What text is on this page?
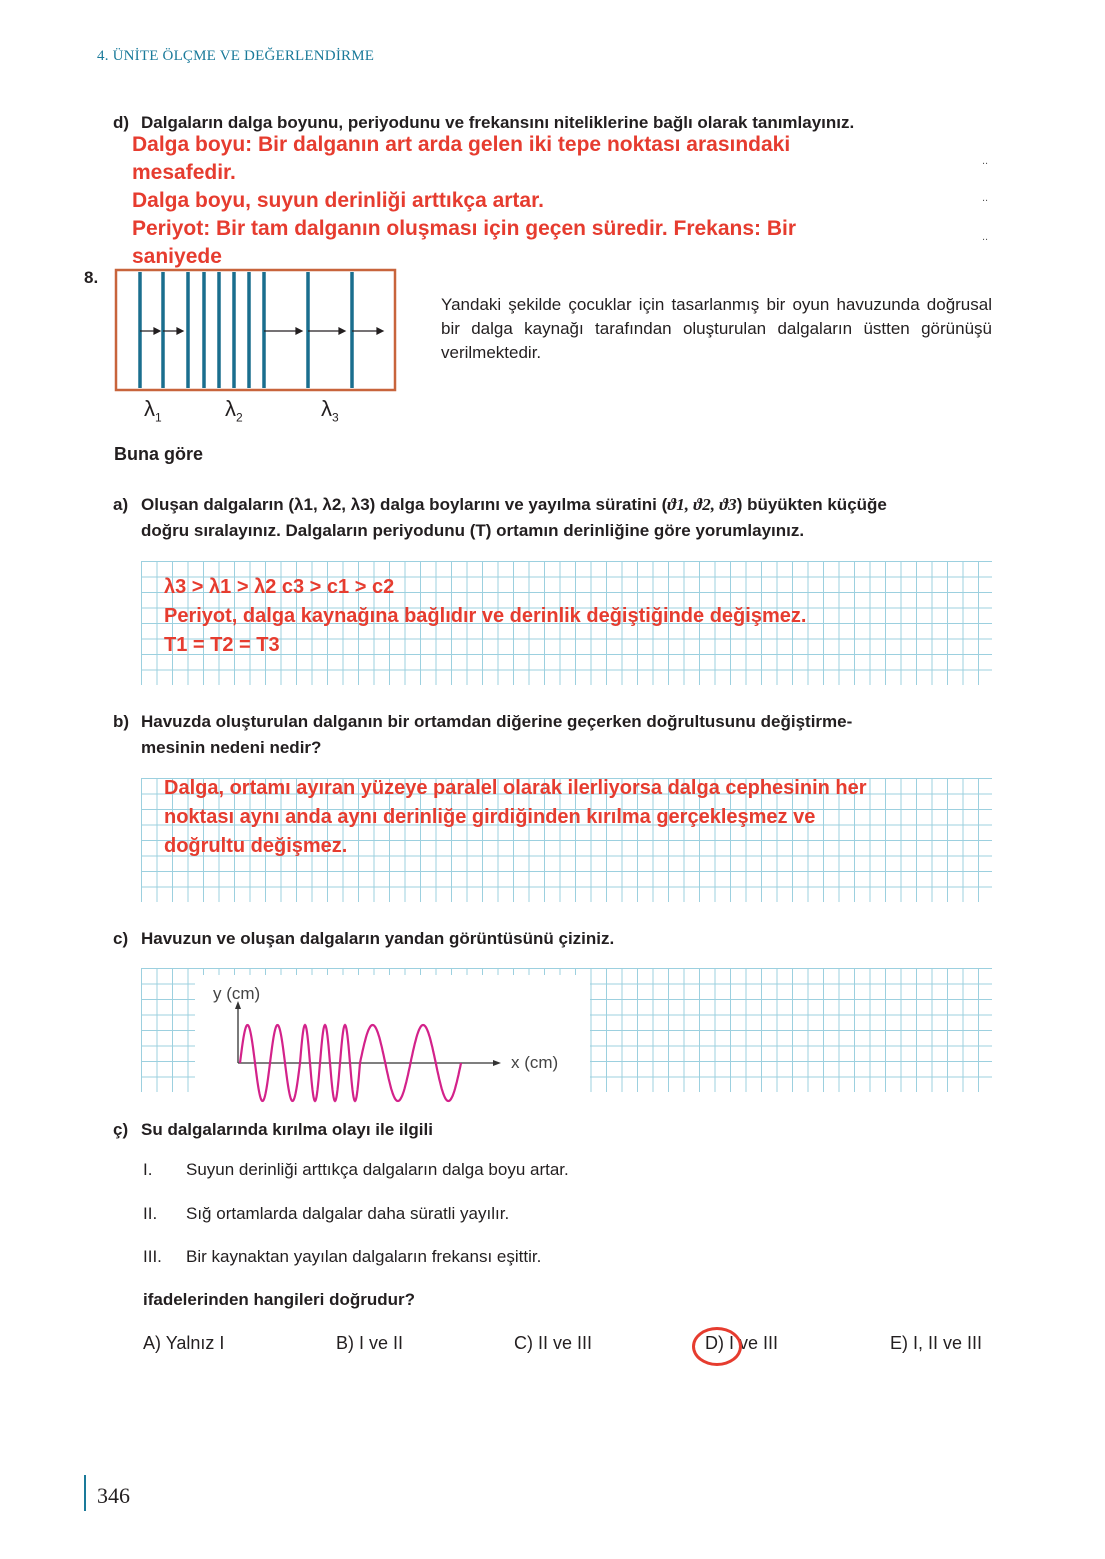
4. ÜNİTE ÖLÇME VE DEĞERLENDİRME
d) Dalgaların dalga boyunu, periyodunu ve frekansını niteliklerine bağlı olarak tanımlayınız.
Dalga boyu: Bir dalganın art arda gelen iki tepe noktası arasındaki
mesafedir.
Dalga boyu, suyun derinliği arttıkça artar.
Periyot: Bir tam dalganın oluşması için geçen süredir. Frekans: Bir
saniyede
..
..
..
8.
$\lambda_1$	$\lambda_2$	$\lambda_3$
Yandaki şekilde çocuklar için tasarlanmış bir oyun havuzunda doğrusal bir dalga kaynağı tarafından oluşturulan dalgaların üstten görünüşü verilmektedir.
Buna göre
a) Oluşan dalgaların (λ1, λ2, λ3) dalga boylarını ve yayılma süratini (ϑ1, ϑ2, ϑ3) büyükten küçüğe
doğru sıralayınız. Dalgaların periyodunu (T) ortamın derinliğine göre yorumlayınız.
λ3 > λ1 > λ2 c3 > c1 > c2
Periyot, dalga kaynağına bağlıdır ve derinlik değiştiğinde değişmez.
T1 = T2 = T3
b) Havuzda oluşturulan dalganın bir ortamdan diğerine geçerken doğrultusunu değiştirme-
mesinin nedeni nedir?
Dalga, ortamı ayıran yüzeye paralel olarak ilerliyorsa dalga cephesinin her
noktası aynı anda aynı derinliğe girdiğinden kırılma gerçekleşmez ve
doğrultu değişmez.
c) Havuzun ve oluşan dalgaların yandan görüntüsünü çiziniz.
y (cm)
x (cm)
ç) Su dalgalarında kırılma olayı ile ilgili
I. Suyun derinliği arttıkça dalgaların dalga boyu artar.
II. Sığ ortamlarda dalgalar daha süratli yayılır.
III. Bir kaynaktan yayılan dalgaların frekansı eşittir.
ifadelerinden hangileri doğrudur?
A) Yalnız I	B) I ve II	C) II ve III	D) I ve III	E) I, II ve III
346
